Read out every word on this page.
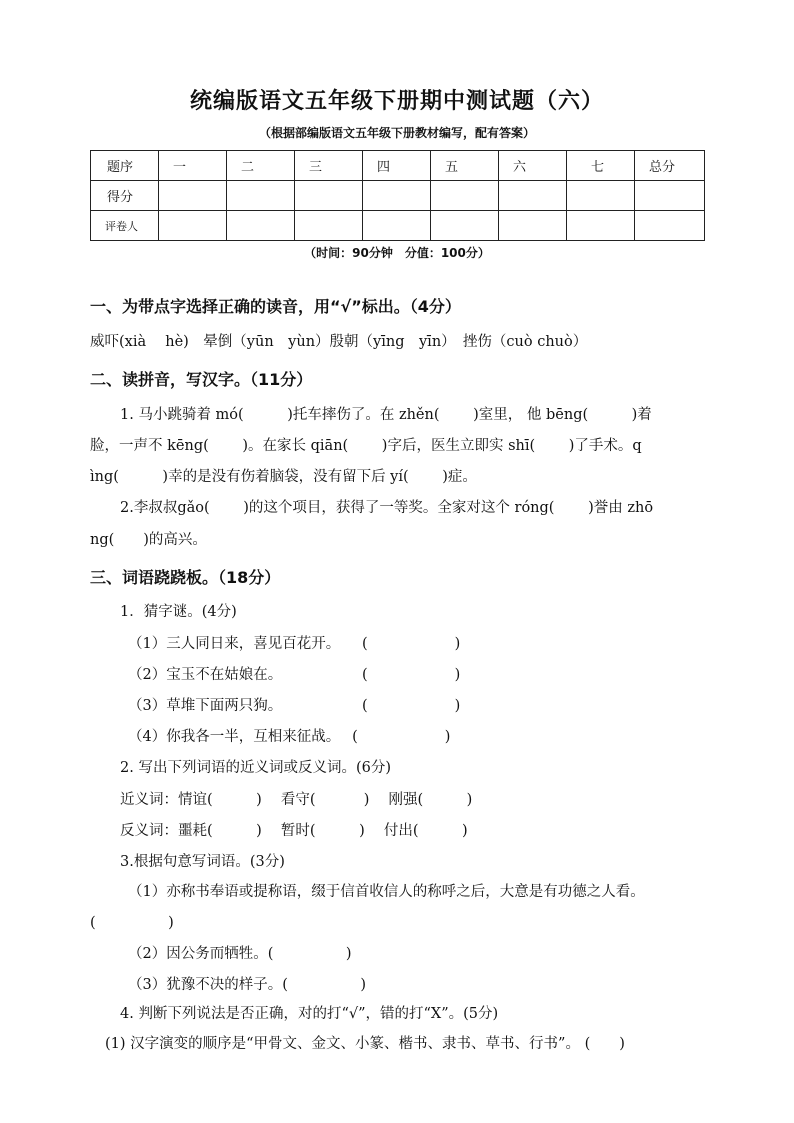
统编版语文五年级下册期中测试题（六）
（根据部编版语文五年级下册教材编写，配有答案）
题序	一	二	三	四	五	六	七	总分
得分								
评卷人								
（时间：90分钟　分值：100分）
一、为带点字选择正确的读音，用“√”标出。（4分）
威吓(xià　 hè)　晕倒（yūn　yùn）殷朝（yīng　yīn）　挫伤（cuò chuò）
二、读拼音，写汉字。（11分）
1. 马小跳骑着 mó(　　　)托车摔伤了。在 zhěn(　　 )室里， 他 bēng(　　　)着
脸，一声不 kēng(　　 )。在家长 qiān(　　 )字后，医生立即实 shī(　　 )了手术。q
ìng(　　　)幸的是没有伤着脑袋，没有留下后 yí(　　 )症。
2.李叔叔gǎo(　　 )的这个项目，获得了一等奖。全家对这个 róng(　　 )誉由 zhō
ng(　　)的高兴。
三、词语跷跷板。（18分）
1．猜字谜。(4分)
（1）三人同日来，喜见百花开。　　(　　　　　　)
（2）宝玉不在姑娘在。　　　　　　(　　　　　　)
（3）草堆下面两只狗。　　　　　　(　　　　　　)
（4）你我各一半，互相来征战。　 (　　　　　　)
2. 写出下列词语的近义词或反义词。(6分)
近义词：情谊(　　　)　 看守(　　　 )　 刚强(　　　)
反义词：噩耗(　　　)　 暂时(　　　)　 付出(　　　)
3.根据句意写词语。(3分)
（1）亦称书奉语或提称语，缀于信首收信人的称呼之后，大意是有功德之人看。
(　　　　　)
（2）因公务而牺牲。(　　　　　)
（3）犹豫不决的样子。(　　　　　)
4. 判断下列说法是否正确，对的打“√”，错的打“X”。(5分)
(1) 汉字演变的顺序是“甲骨文、金文、小篆、楷书、隶书、草书、行书”。 (　　)
